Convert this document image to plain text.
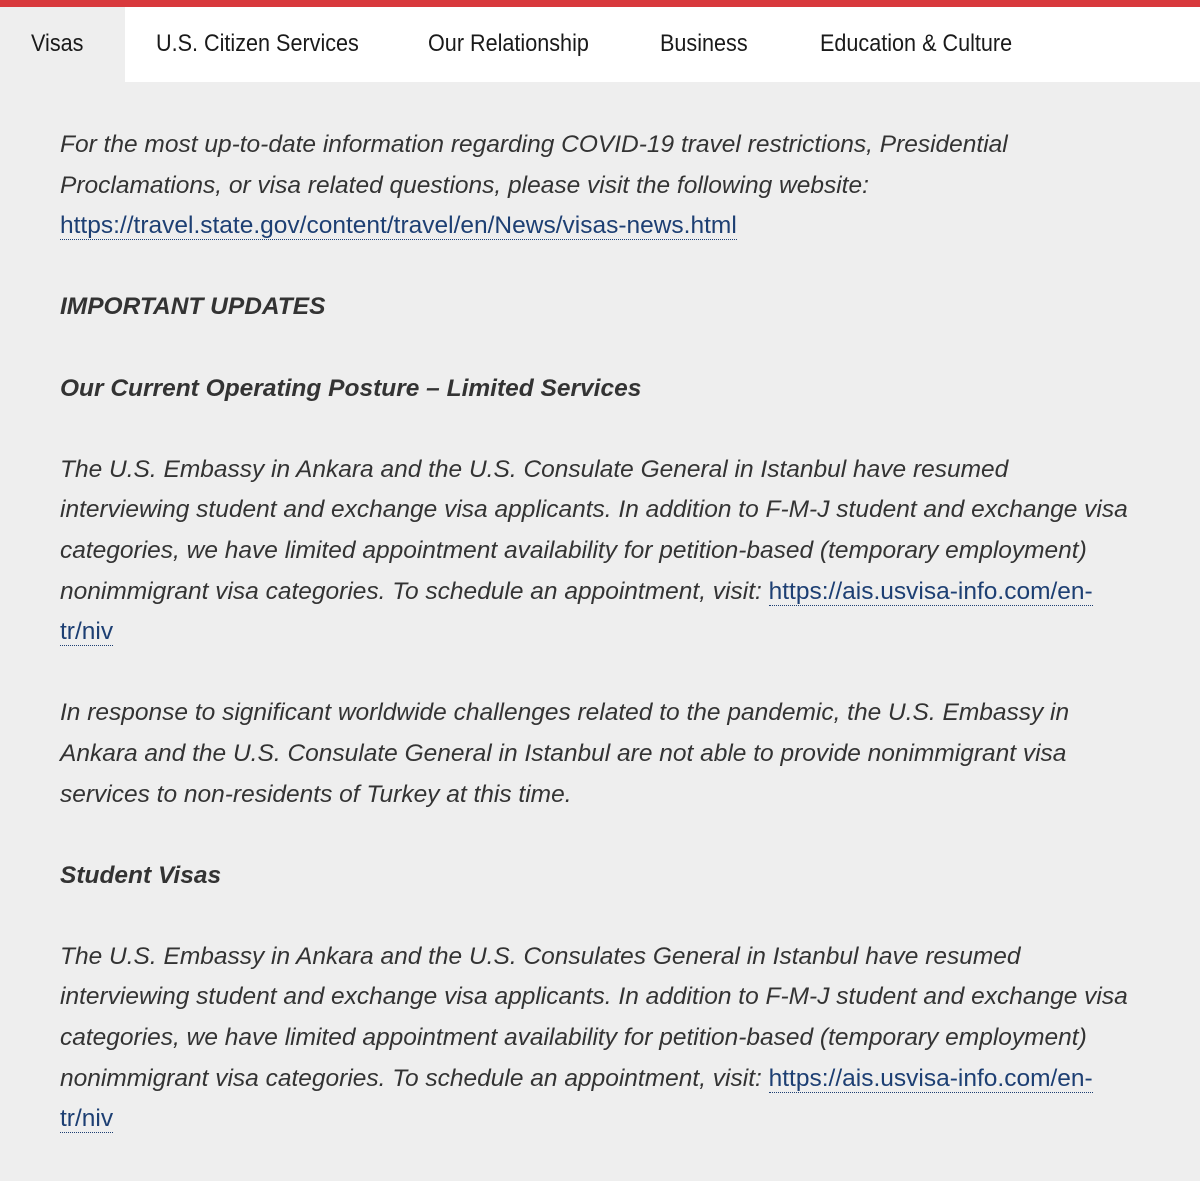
Visas	U.S. Citizen Services	Our Relationship	Business	Education & Culture

For the most up-to-date information regarding COVID-19 travel restrictions, Presidential Proclamations, or visa related questions, please visit the following website: https://travel.state.gov/content/travel/en/News/visas-news.html

IMPORTANT UPDATES
Our Current Operating Posture – Limited Services

The U.S. Embassy in Ankara and the U.S. Consulate General in Istanbul have resumed interviewing student and exchange visa applicants. In addition to F-M-J student and exchange visa categories, we have limited appointment availability for petition-based (temporary employment) nonimmigrant visa categories. To schedule an appointment, visit: https://ais.usvisa-info.com/en-tr/niv

In response to significant worldwide challenges related to the pandemic, the U.S. Embassy in Ankara and the U.S. Consulate General in Istanbul are not able to provide nonimmigrant visa services to non-residents of Turkey at this time.

Student Visas

The U.S. Embassy in Ankara and the U.S. Consulates General in Istanbul have resumed interviewing student and exchange visa applicants. In addition to F-M-J student and exchange visa categories, we have limited appointment availability for petition-based (temporary employment) nonimmigrant visa categories. To schedule an appointment, visit: https://ais.usvisa-info.com/en-tr/niv
